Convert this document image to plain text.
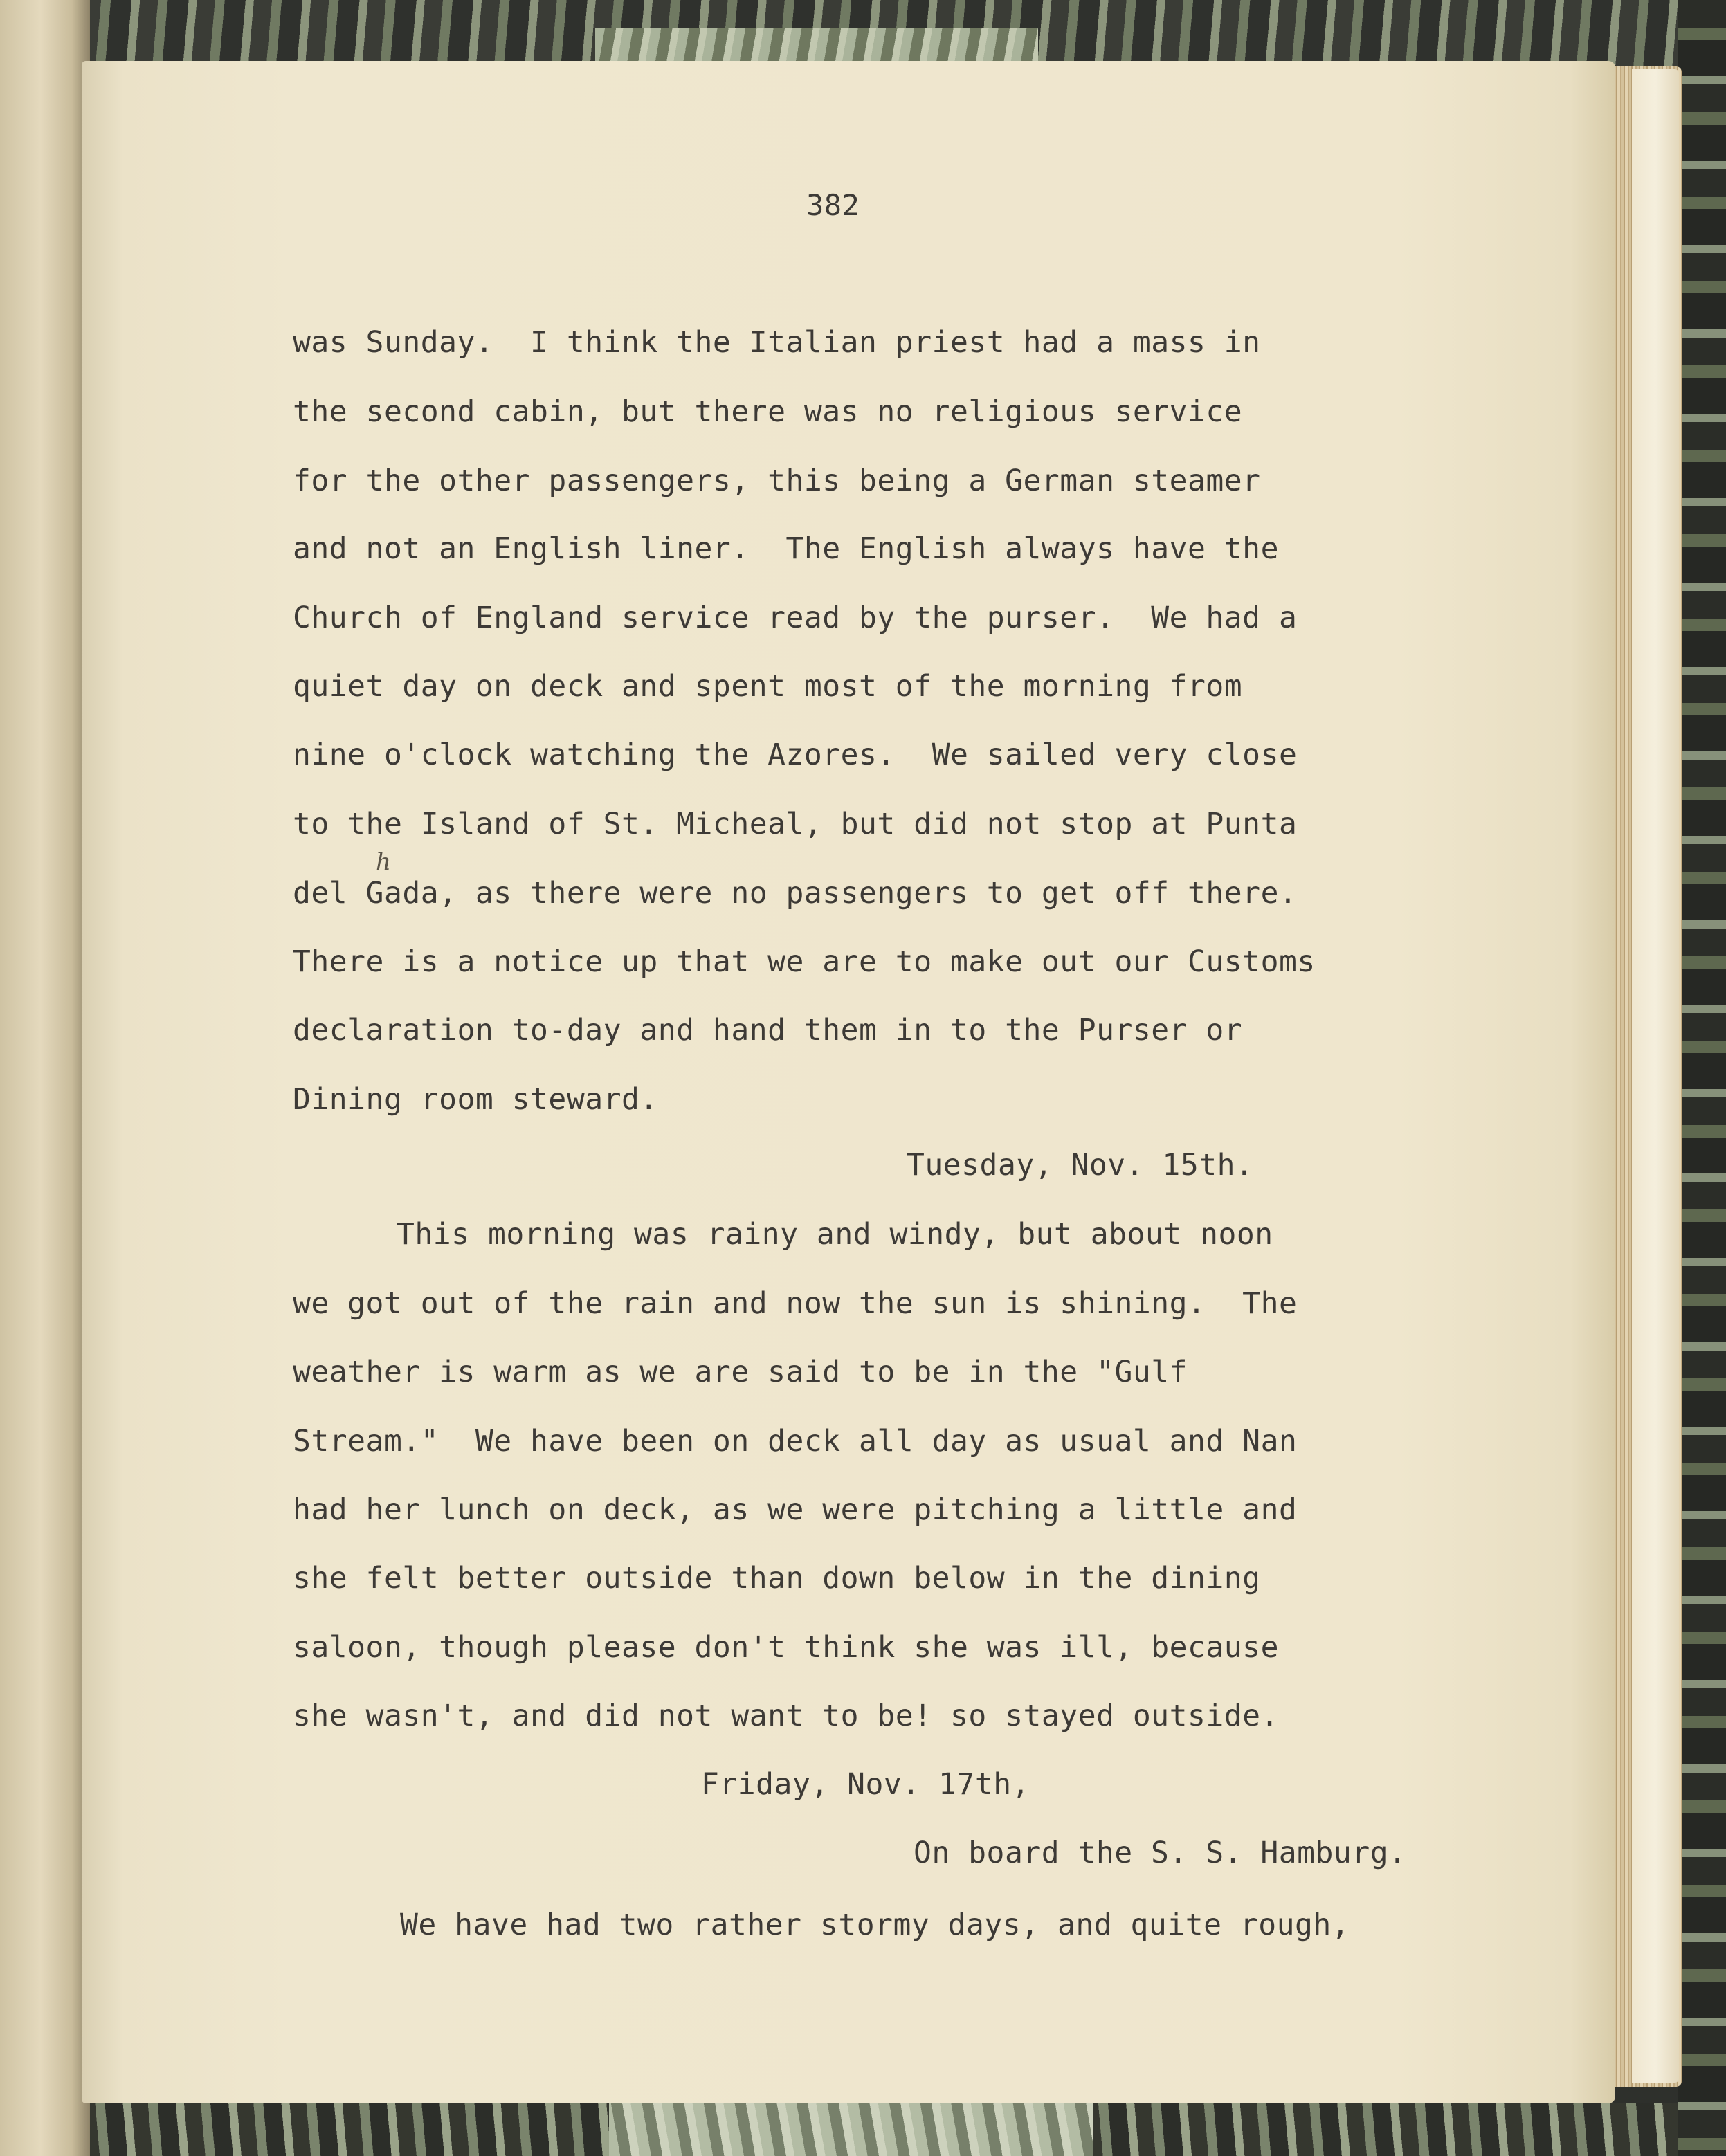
382
was Sunday.  I think the Italian priest had a mass in
the second cabin, but there was no religious service
for the other passengers, this being a German steamer
and not an English liner.  The English always have the
Church of England service read by the purser.  We had a
quiet day on deck and spent most of the morning from
nine o'clock watching the Azores.  We sailed very close
to the Island of St. Micheal, but did not stop at Punta
h
del Gada, as there were no passengers to get off there.
There is a notice up that we are to make out our Customs
declaration to-day and hand them in to the Purser or
Dining room steward.
Tuesday, Nov. 15th.
This morning was rainy and windy, but about noon
we got out of the rain and now the sun is shining.  The
weather is warm as we are said to be in the "Gulf
Stream."  We have been on deck all day as usual and Nan
had her lunch on deck, as we were pitching a little and
she felt better outside than down below in the dining
saloon, though please don't think she was ill, because
she wasn't, and did not want to be! so stayed outside.
Friday, Nov. 17th,
On board the S. S. Hamburg.
We have had two rather stormy days, and quite rough,
